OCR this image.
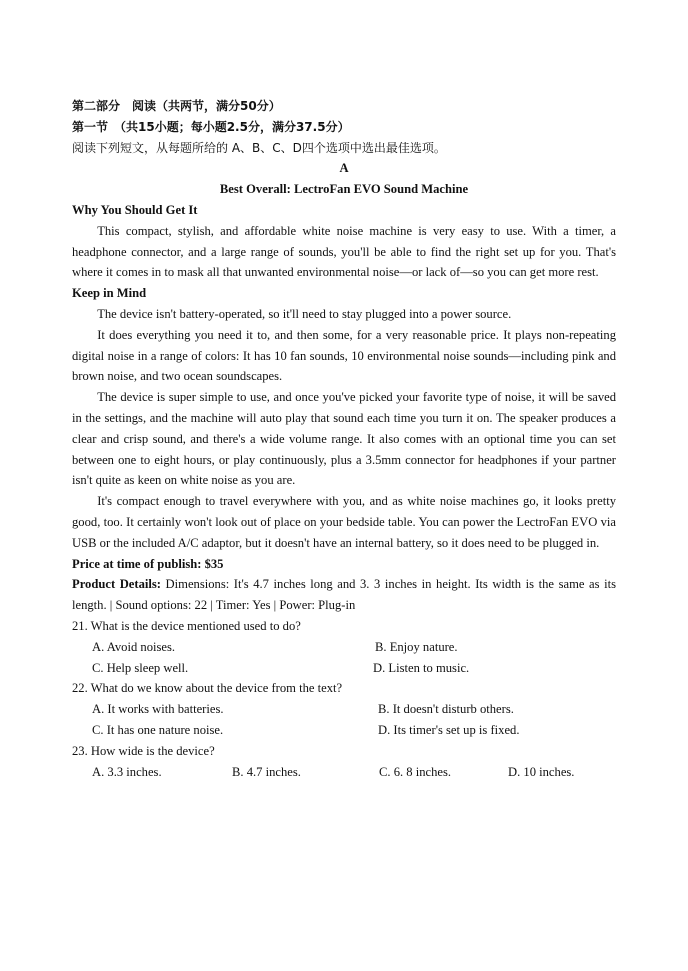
第二部分　阅读（共两节，满分50分）

第一节　（共15小题；每小题2.5分，满分37.5分）

阅读下列短文，从每题所给的 A、B、C、D四个选项中选出最佳选项。

A

Best Overall: LectroFan EVO Sound Machine

Why You Should Get It

This compact, stylish, and affordable white noise machine is very easy to use. With a timer, a headphone connector, and a large range of sounds, you'll be able to find the right set up for you. That's where it comes in to mask all that unwanted environmental noise—or lack of—so you can get more rest.

Keep in Mind

The device isn't battery-operated, so it'll need to stay plugged into a power source.

It does everything you need it to, and then some, for a very reasonable price. It plays non-repeating digital noise in a range of colors: It has 10 fan sounds, 10 environmental noise sounds—including pink and brown noise, and two ocean soundscapes.

The device is super simple to use, and once you've picked your favorite type of noise, it will be saved in the settings, and the machine will auto play that sound each time you turn it on. The speaker produces a clear and crisp sound, and there's a wide volume range. It also comes with an optional time you can set between one to eight hours, or play continuously, plus a 3.5mm connector for headphones if your partner isn't quite as keen on white noise as you are.

It's compact enough to travel everywhere with you, and as white noise machines go, it looks pretty good, too. It certainly won't look out of place on your bedside table. You can power the LectroFan EVO via USB or the included A/C adaptor, but it doesn't have an internal battery, so it does need to be plugged in.

Price at time of publish: $35

Product Details: Dimensions: It's 4.7 inches long and 3. 3 inches in height. Its width is the same as its length. | Sound options: 22 | Timer: Yes | Power: Plug-in

21. What is the device mentioned used to do?

A. Avoid noises.	B. Enjoy nature.
C. Help sleep well.	D. Listen to music.

22. What do we know about the device from the text?

A. It works with batteries.	B. It doesn't disturb others.
C. It has one nature noise.	D. Its timer's set up is fixed.

23. How wide is the device?

A. 3.3 inches.	B. 4.7 inches.	C. 6. 8 inches.	D. 10 inches.
